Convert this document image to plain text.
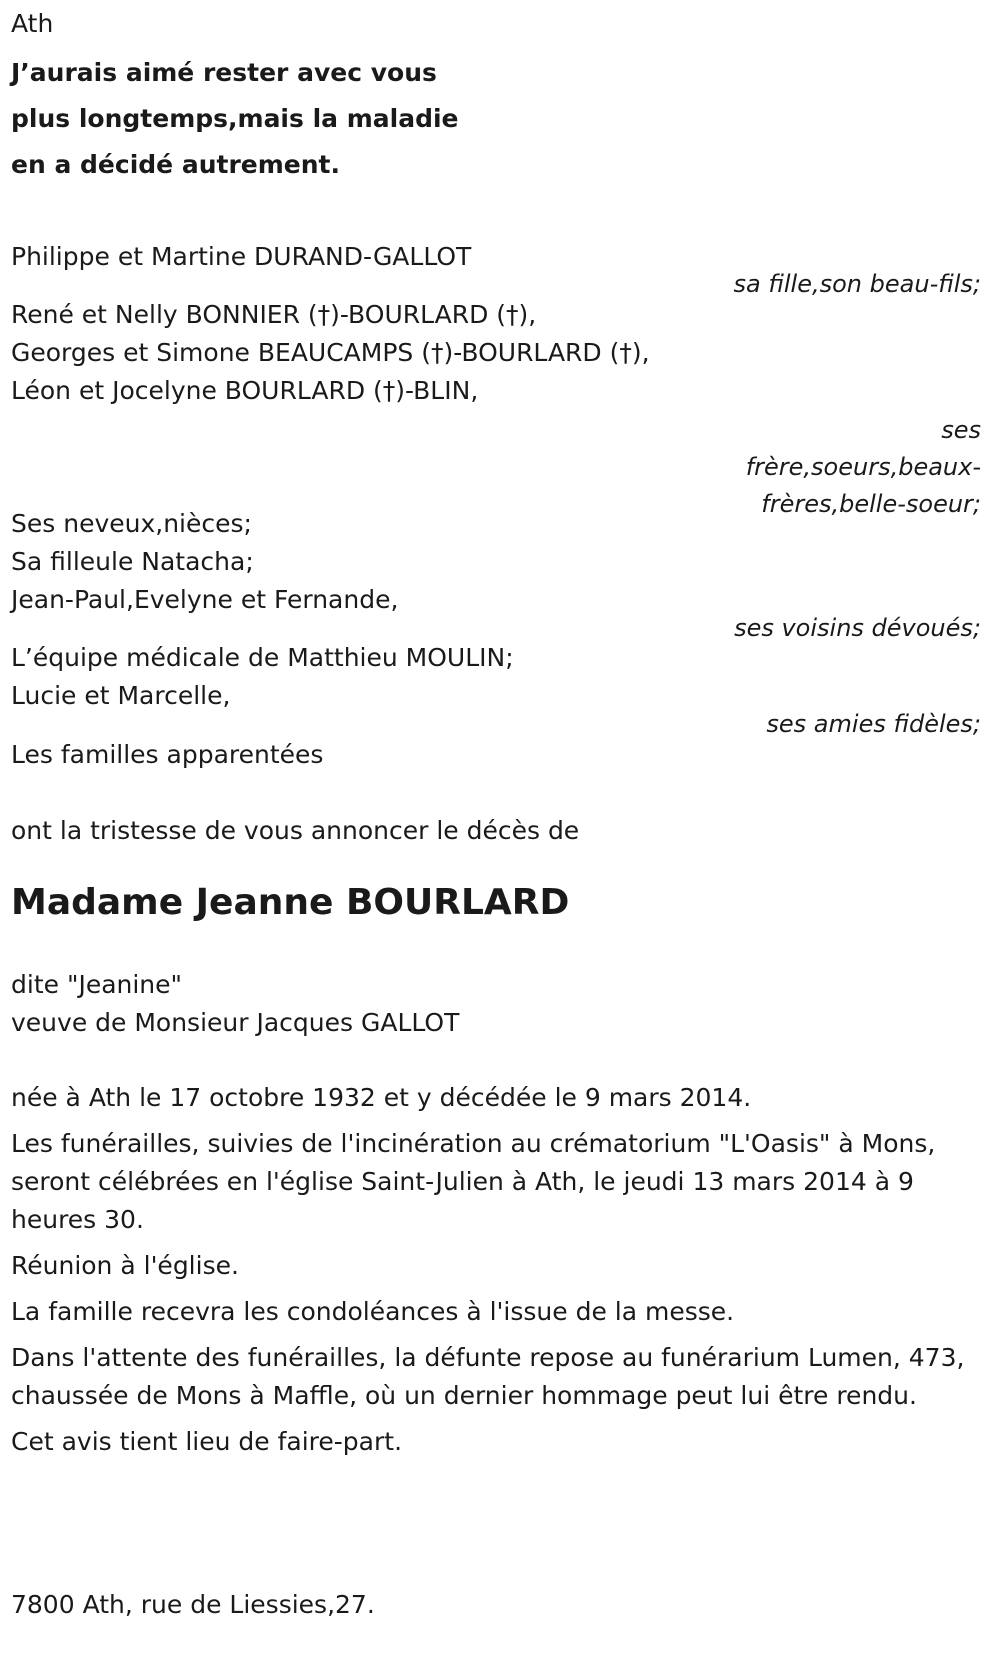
Ath
J’aurais aimé rester avec vous
plus longtemps,mais la maladie
en a décidé autrement.
Philippe et Martine DURAND-GALLOT
sa fille,son beau-fils;
René et Nelly BONNIER (†)-BOURLARD (†),
Georges et Simone BEAUCAMPS (†)-BOURLARD (†),
Léon et Jocelyne BOURLARD (†)-BLIN,
ses
frère,soeurs,beaux-
frères,belle-soeur;
Ses neveux,nièces;
Sa filleule Natacha;
Jean-Paul,Evelyne et Fernande,
ses voisins dévoués;
L’équipe médicale de Matthieu MOULIN;
Lucie et Marcelle,
ses amies fidèles;
Les familles apparentées
ont la tristesse de vous annoncer le décès de
Madame Jeanne BOURLARD
dite "Jeanine"
veuve de Monsieur Jacques GALLOT
née à Ath le 17 octobre 1932 et y décédée le 9 mars 2014.
Les funérailles, suivies de l'incinération au crématorium "L'Oasis" à Mons, seront célébrées en l'église Saint-Julien à Ath, le jeudi 13 mars 2014 à 9 heures 30.
Réunion à l'église.
La famille recevra les condoléances à l'issue de la messe.
Dans l'attente des funérailles, la défunte repose au funérarium Lumen, 473, chaussée de Mons à Maffle, où un dernier hommage peut lui être rendu.
Cet avis tient lieu de faire-part.
7800 Ath, rue de Liessies,27.
